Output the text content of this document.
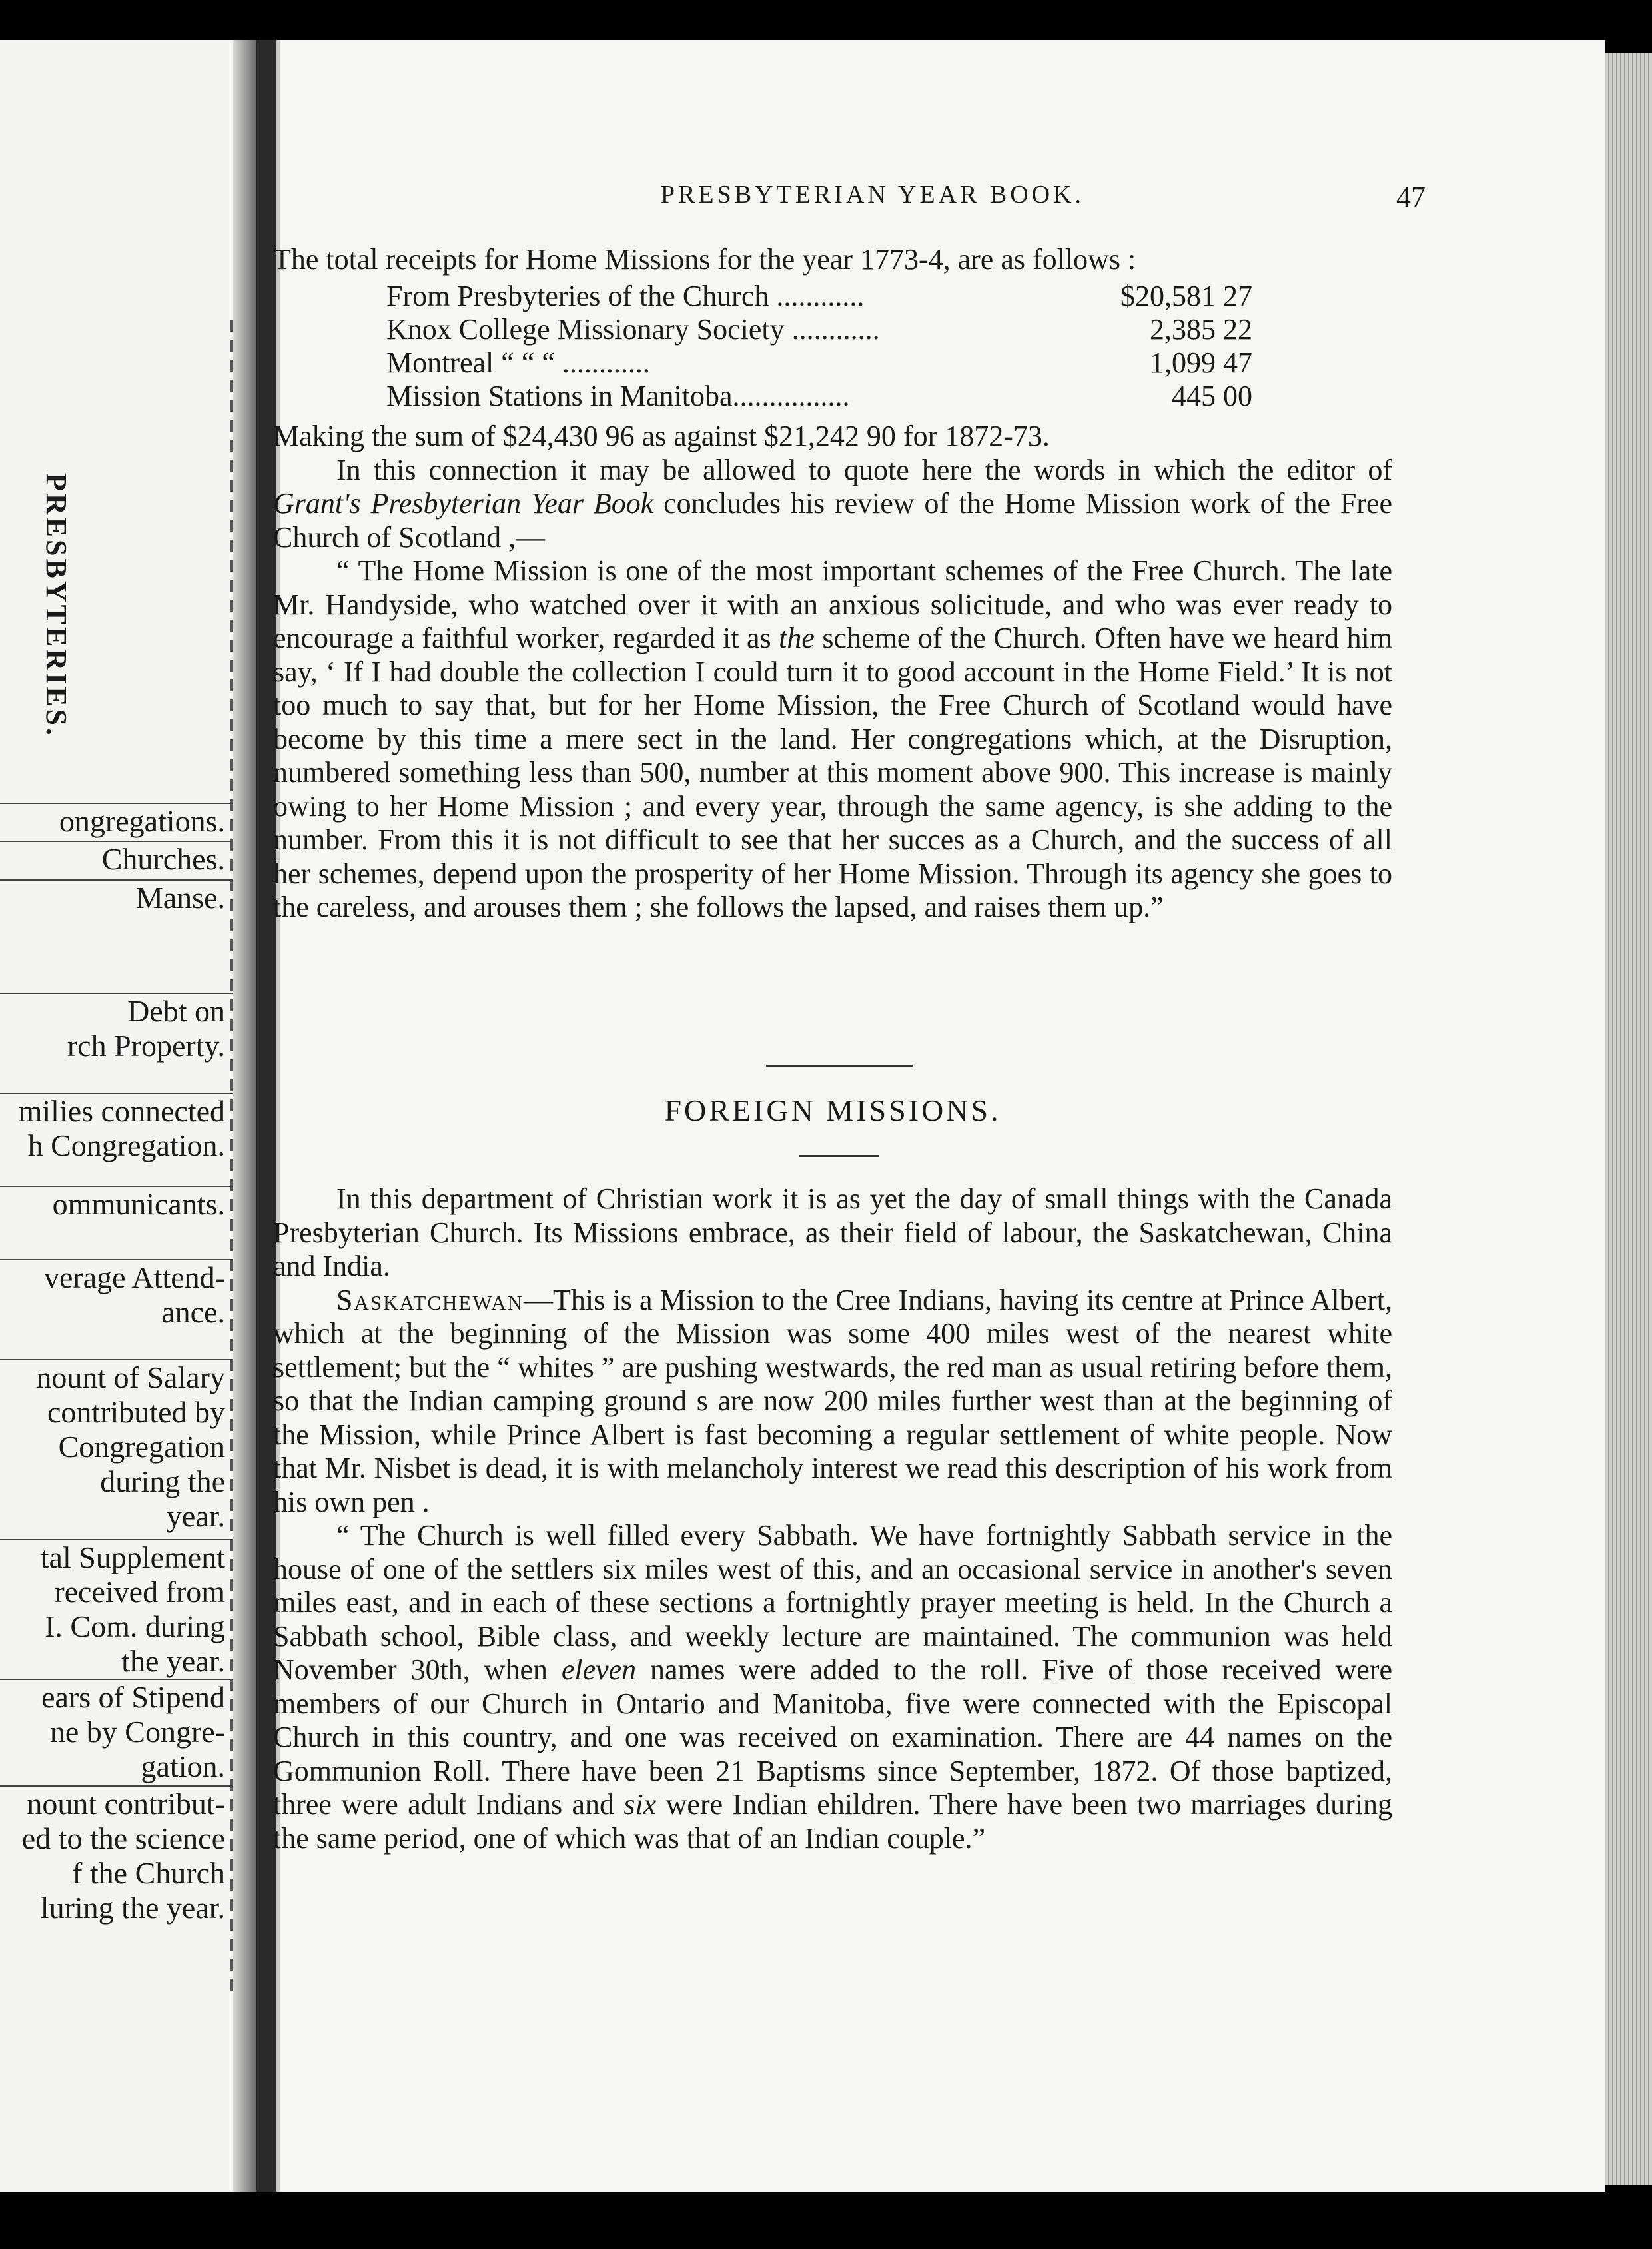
PRESBYTERIES.
ongregations.
Churches.
Manse.
Debt on
rch Property.
milies connected
h Congregation.
ommunicants.
verage Attend-
ance.
nount of Salary
contributed by
Congregation
during the
year.
tal Supplement
received from
I. Com. during
the year.
ears of Stipend
ne by Congre-
gation.
nount contribut-
ed to the science
f the Church
luring the year.
PRESBYTERIAN YEAR BOOK.	47

The total receipts for Home Missions for the year 1773-4, are as follows :

From Presbyteries of the Church ............	$20,581 27
Knox College Missionary Society ............	2,385 22
Montreal “ “ “ ............	1,099 47
Mission Stations in Manitoba................	445 00

Making the sum of $24,430 96 as against $21,242 90 for 1872-73.

In this connection it may be allowed to quote here the words in which the editor of Grant's Presbyterian Year Book concludes his review of the Home Mission work of the Free Church of Scotland ,—

“ The Home Mission is one of the most important schemes of the Free Church. The late Mr. Handyside, who watched over it with an anxious solicitude, and who was ever ready to encourage a faithful worker, regarded it as the scheme of the Church. Often have we heard him say, ‘ If I had double the collection I could turn it to good account in the Home Field.’ It is not too much to say that, but for her Home Mission, the Free Church of Scotland would have become by this time a mere sect in the land. Her congregations which, at the Disruption, numbered something less than 500, number at this moment above 900. This increase is mainly owing to her Home Mission ; and every year, through the same agency, is she adding to the number. From this it is not difficult to see that her succes as a Church, and the success of all her schemes, depend upon the prosperity of her Home Mission. Through its agency she goes to the careless, and arouses them ; she follows the lapsed, and raises them up.”

FOREIGN MISSIONS.

In this department of Christian work it is as yet the day of small things with the Canada Presbyterian Church. Its Missions embrace, as their field of labour, the Saskatchewan, China and India.

Saskatchewan—This is a Mission to the Cree Indians, having its centre at Prince Albert, which at the beginning of the Mission was some 400 miles west of the nearest white settlement; but the “ whites ” are pushing westwards, the red man as usual retiring before them, so that the Indian camping ground s are now 200 miles further west than at the beginning of the Mission, while Prince Albert is fast becoming a regular settlement of white people. Now that Mr. Nisbet is dead, it is with melancholy interest we read this description of his work from his own pen .

“ The Church is well filled every Sabbath. We have fortnightly Sabbath service in the house of one of the settlers six miles west of this, and an occasional service in another's seven miles east, and in each of these sections a fortnightly prayer meeting is held. In the Church a Sabbath school, Bible class, and weekly lecture are maintained. The communion was held November 30th, when eleven names were added to the roll. Five of those received were members of our Church in Ontario and Manitoba, five were connected with the Episcopal Church in this country, and one was received on examination. There are 44 names on the Gommunion Roll. There have been 21 Baptisms since September, 1872. Of those baptized, three were adult Indians and six were Indian ehildren. There have been two marriages during the same period, one of which was that of an Indian couple.”
